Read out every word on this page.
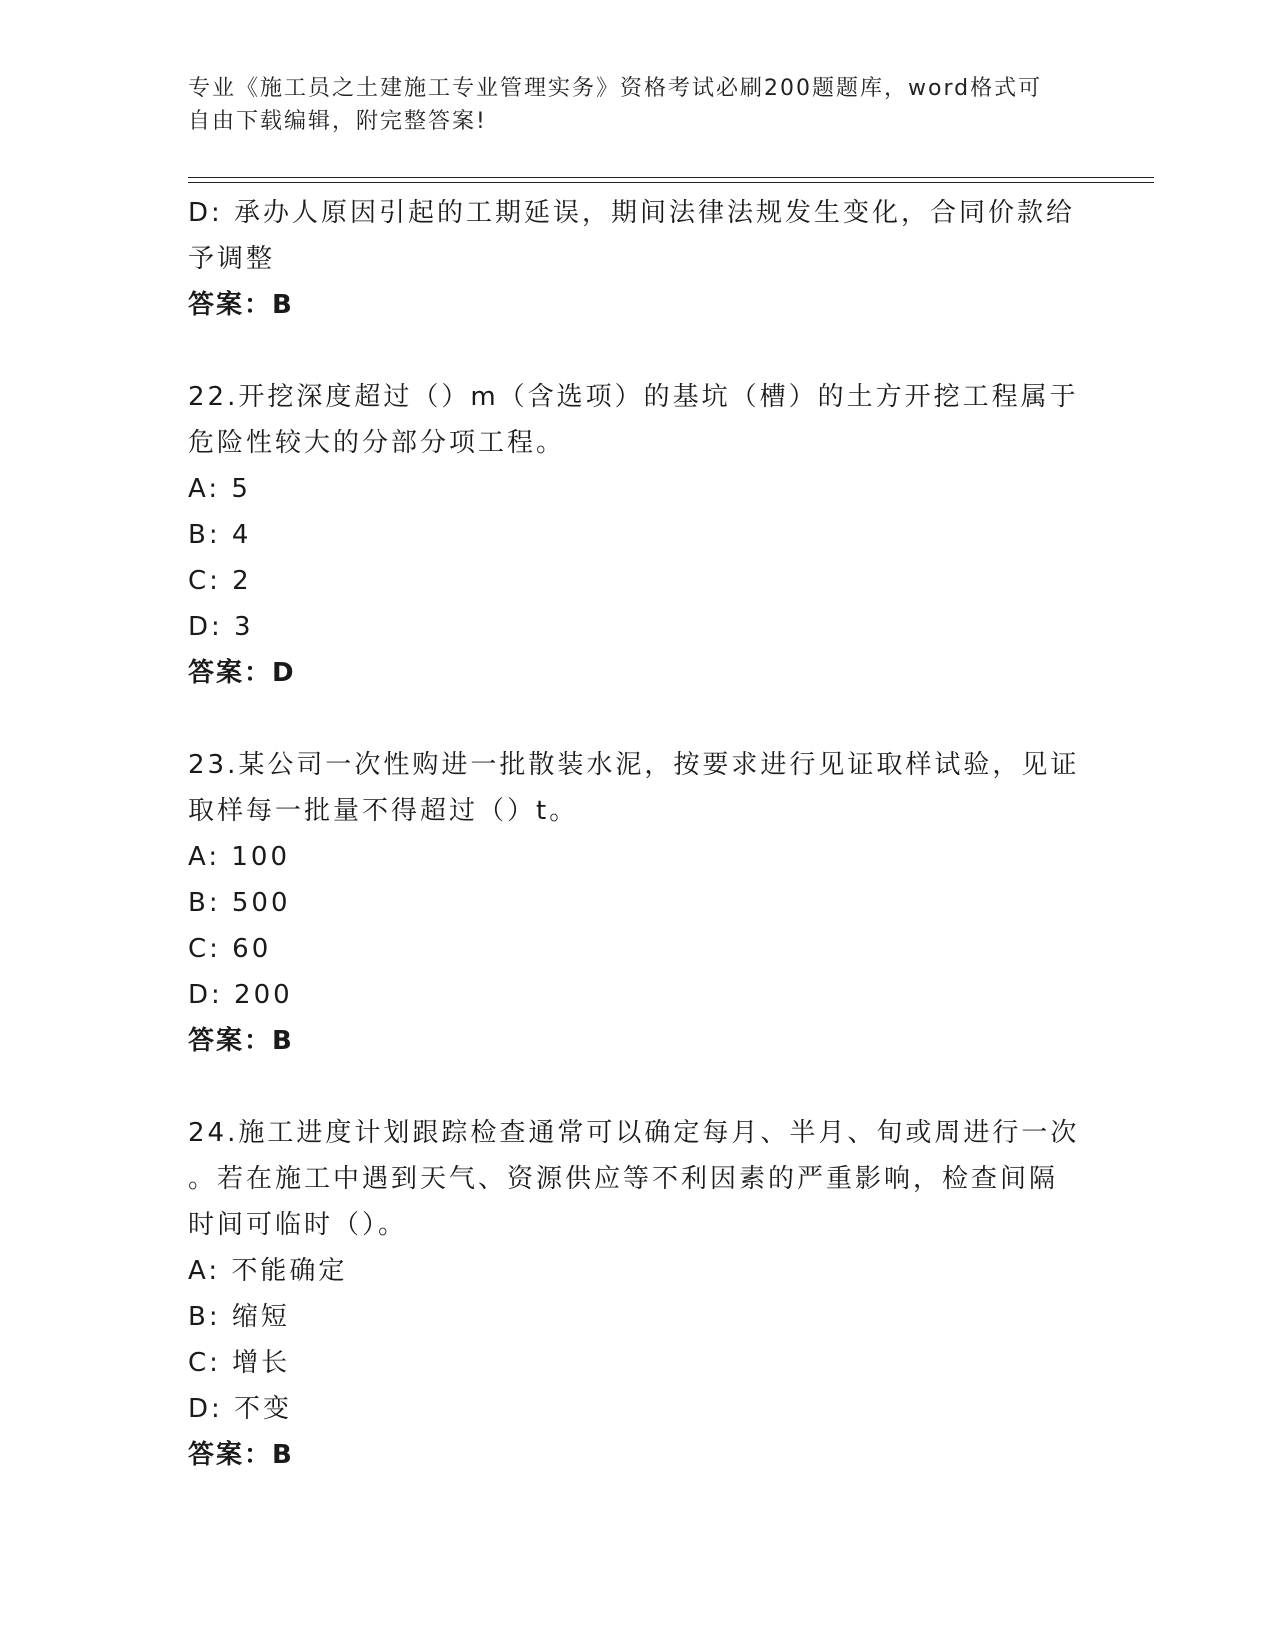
专业《施工员之土建施工专业管理实务》资格考试必刷200题题库，word格式可
自由下载编辑，附完整答案!
D: 承办人原因引起的工期延误，期间法律法规发生变化，合同价款给
予调整
答案：B
22.开挖深度超过（）m（含选项）的基坑（槽）的土方开挖工程属于
危险性较大的分部分项工程。
A: 5
B: 4
C: 2
D: 3
答案：D
23.某公司一次性购进一批散装水泥，按要求进行见证取样试验，见证
取样每一批量不得超过（）t。
A: 100
B: 500
C: 60
D: 200
答案：B
24.施工进度计划跟踪检查通常可以确定每月、半月、旬或周进行一次
。若在施工中遇到天气、资源供应等不利因素的严重影响，检查间隔
时间可临时（）。
A: 不能确定
B: 缩短
C: 增长
D: 不变
答案：B
